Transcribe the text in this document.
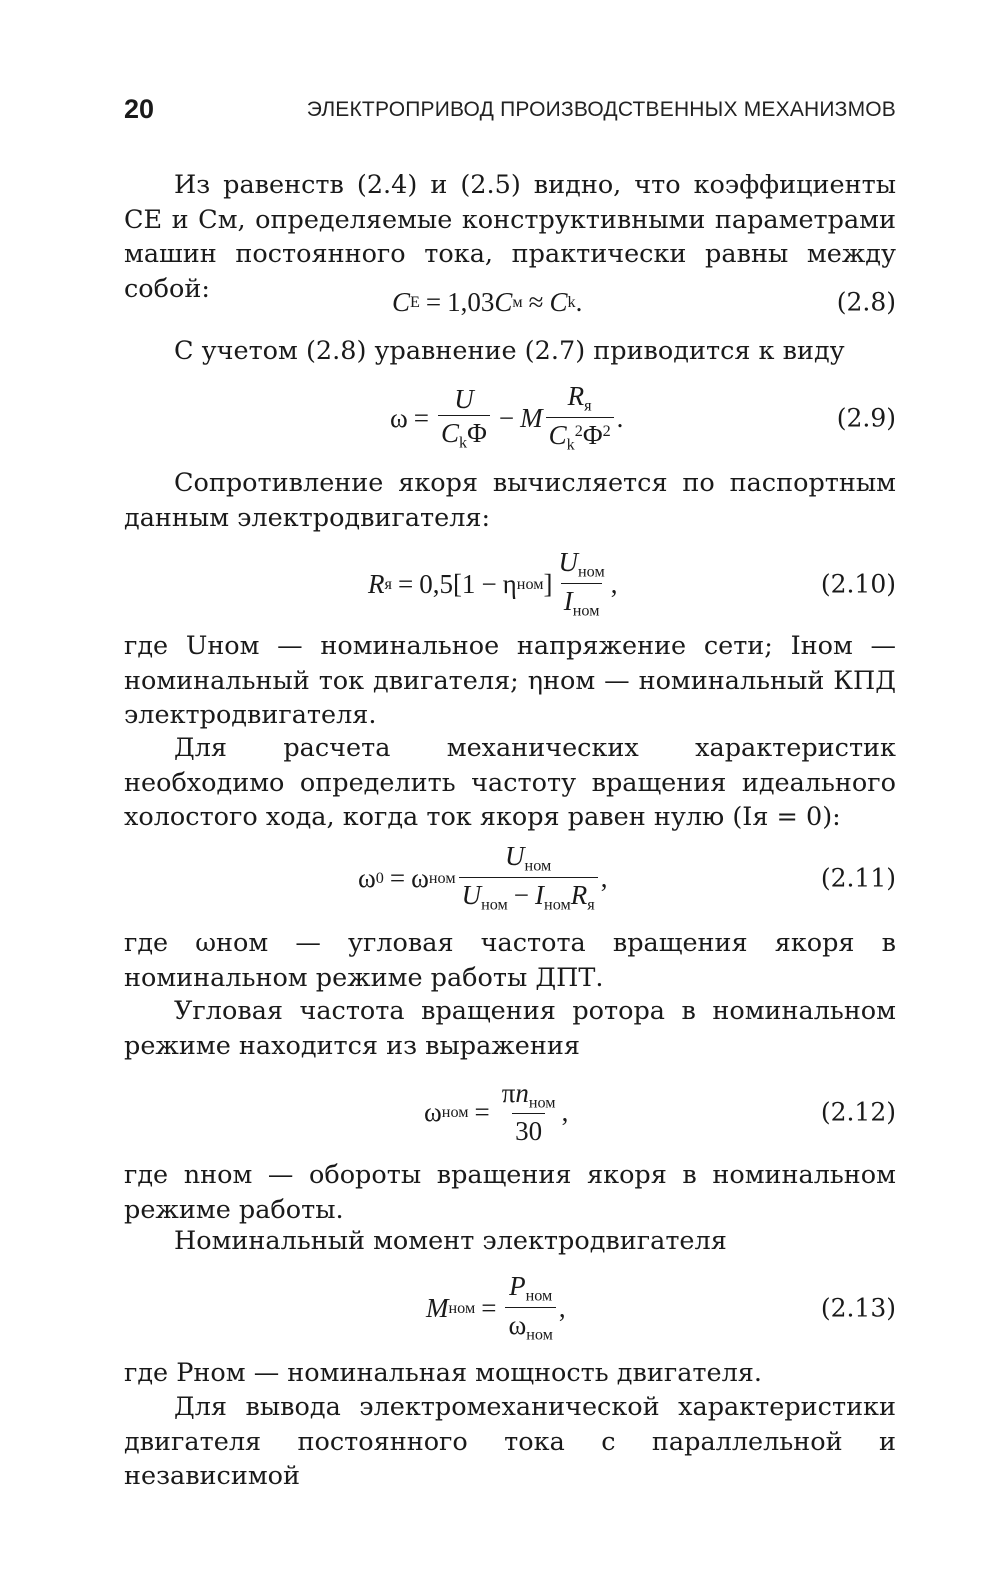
20	ЭЛЕКТРОПРИВОД ПРОИЗВОДСТВЕННЫХ МЕХАНИЗМОВ

Из равенств (2.4) и (2.5) видно, что коэффициенты CE и Cм, определяемые конструктивными параметрами машин постоянного тока, практически равны между собой:	C E = 1,03 C м ≈ C k .	(2.8)

С учетом (2.8) уравнение (2.7) приводится к виду

$\omega = \frac{U}{C_k\Phi} - M \frac{R_я}{C_k^2\Phi^2}$ .	(2.9)

Сопротивление якоря вычисляется по паспортным данным электродвигателя:

R я = 0,5[1 − η ном ] $\frac{U_{ном}}{I_{ном}}$ ,	(2.10)

где Uном — номинальное напряжение сети; Iном — номинальный ток двигателя; ηном — номинальный КПД электродвигателя.

Для расчета механических характеристик необходимо определить частоту вращения идеального холостого хода, когда ток якоря равен нулю (Iя = 0):

ω 0 = ω ном $\frac{U_{ном}}{U_{ном} - I_{ном}R_я}$ ,	(2.11)

где ωном — угловая частота вращения якоря в номинальном режиме работы ДПТ.

Угловая частота вращения ротора в номинальном режиме находится из выражения

ω ном = $\frac{\pi n_{ном}}{30}$ ,	(2.12)

где nном — обороты вращения якоря в номинальном режиме работы.

Номинальный момент электродвигателя

M ном = $\frac{P_{ном}}{\omega_{ном}}$ ,	(2.13)

где Pном — номинальная мощность двигателя.

Для вывода электромеханической характеристики двигателя постоянного тока с параллельной и независимой
